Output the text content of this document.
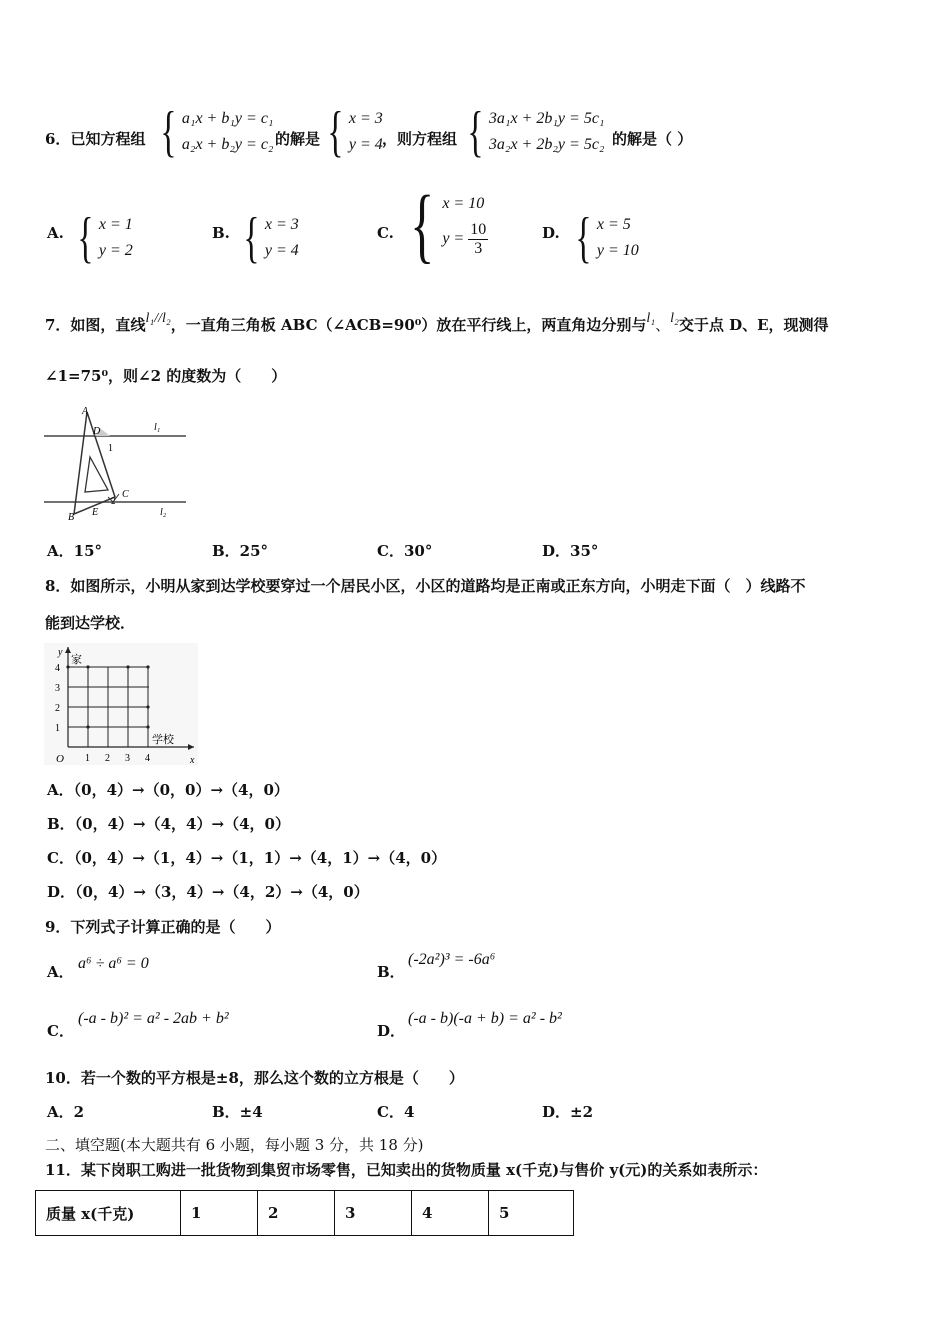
6．已知方程组 { a₁x + b₁y = c₁
a₂x + b₂y = c₂ 的解是 { x = 3
y = 4 ，则方程组 { 3a₁x + 2b₁y = 5c₁
3a₂x + 2b₂y = 5c₂ 的解是（ ）
A. { x = 1
y = 2
B. { x = 3
y = 4
C. { x = 10
$y = \frac{10}{3}$	D. { x = 5
y = 10
7．如图，直线l₁//l₂，一直角三角板 ABC（∠ACB=90⁰）放在平行线上，两直角边分别与l₁、l₂交于点 D、E，现测得
∠1=75⁰，则∠2 的度数为（　　）
A
D
1
C
2
B E
l₁
l₂
A．15°	B．25°	C．30°	D．35°
8．如图所示，小明从家到达学校要穿过一个居民小区，小区的道路均是正南或正东方向，小明走下面（　）线路不
能到达学校．
y
x
O
家
学校
1 2 3 4
1
2
3
4
A．（0，4）→（0，0）→（4，0）
B．（0，4）→（4，4）→（4，0）
C．（0，4）→（1，4）→（1，1）→（4，1）→（4，0）
D．（0，4）→（3，4）→（4，2）→（4，0）
9．下列式子计算正确的是（　　）
A． a⁶ ÷ a⁶ = 0	B．
(-2a²)³ = -6a⁶
C．
(-a - b)² = a² - 2ab + b²
D．
(-a - b)(-a + b) = a² - b²
10．若一个数的平方根是±8，那么这个数的立方根是（　　）
A．2	B．±4	C．4	D．±2
二、填空题(本大题共有 6 小题，每小题 3 分，共 18 分)
11．某下岗职工购进一批货物到集贸市场零售，已知卖出的货物质量 x(千克)与售价 y(元)的关系如表所示：
质量 x(千克)	1	2	3	4	5
